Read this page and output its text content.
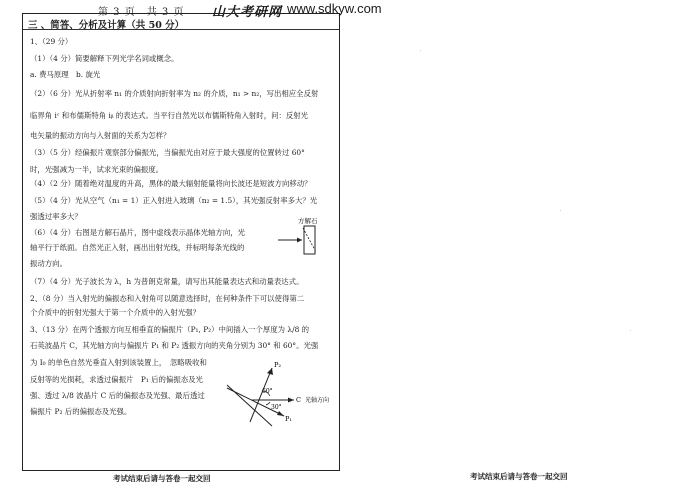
第 3 页　共 3 页 山大考研网 www.sdkyw.com
三 、简答、分析及计算（共 50 分）
1、（29 分）
（1）（4 分）简要解释下列光学名词或概念。
a. 费马原理　b. 旋光
（2）（6 分）光从折射率 n₁ 的介质射向折射率为 n₂ 的介质，n₁ > n₂，写出相应全反射
临界角 iᶜ 和布儒斯特角 iᵦ 的表达式。当平行自然光以布儒斯特角入射时，问：反射光
电矢量的振动方向与入射面的关系为怎样？
（3）（5 分）经偏振片观察部分偏振光，当偏振光由对应于最大强度的位置转过 60°
时，光强减为一半，试求光束的偏振度。
（4）（2 分）随着绝对温度的升高，黑体的最大辐射能量将向长波还是短波方向移动？
（5）（4 分）光从空气（n₁ = 1）正入射进入玻璃（n₂ = 1.5），其光强反射率多大？光
强透过率多大？
（6）（4 分）右图是方解石晶片，图中虚线表示晶体光轴方向，光
轴平行于纸面。自然光正入射，画出出射光线，并标明每条光线的
振动方向。
（7）（4 分）光子波长为 λ，h 为普朗克常量，请写出其能量表达式和动量表达式。
2、（8 分）当入射光的偏振态和入射角可以随意选择时，在何种条件下可以使得第二
个介质中的折射光强大于第一个介质中的入射光强？
3、（13 分）在两个透振方向互相垂直的偏振片（P₁, P₂）中间插入一个厚度为 λ/8 的
石英波晶片 C，其光轴方向与偏振片 P₁ 和 P₂ 透振方向的夹角分别为 30° 和 60°。光强
为 I₀ 的单色自然光垂直入射到该装置上，　忽略吸收和
反射等的光损耗，求透过偏振片　P₁ 后的偏振态及光
强、透过 λ/8 波晶片 C 后的偏振态及光强、最后透过
偏振片 P₂ 后的偏振态及光强。
方解石
P₂
60°
30°
C 光轴方向
P₁
考试结束后请与答卷一起交回	考试结束后请与答卷一起交回
